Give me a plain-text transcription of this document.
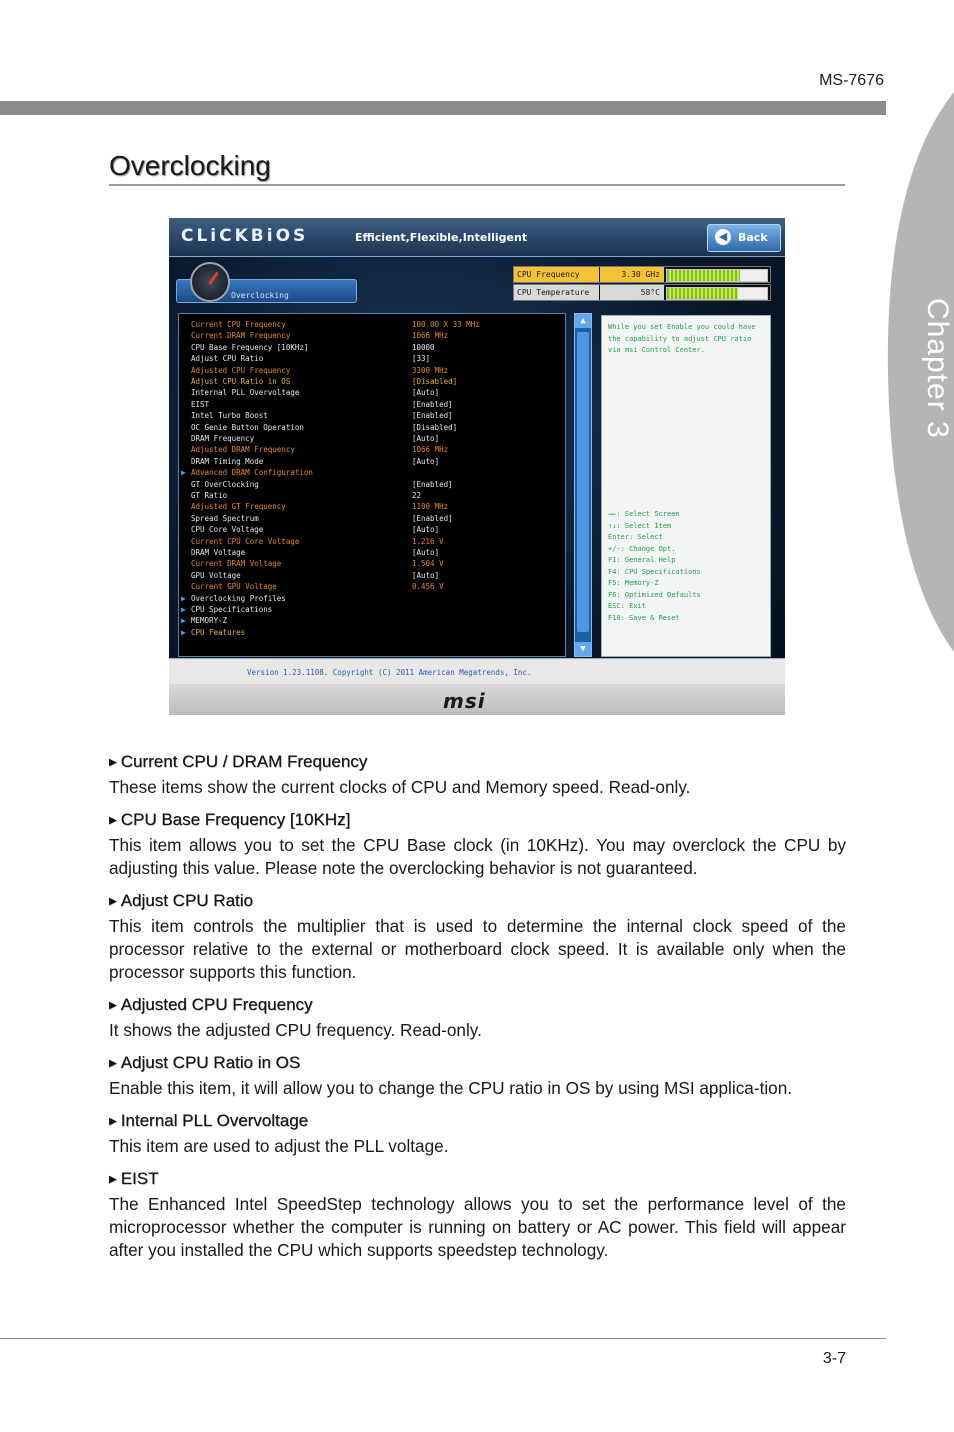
MS-7676
Chapter 3
Overclocking
CLiCKBiOS	Efficient,Flexible,Intelligent	◀ Back
Overclocking
CPU Frequency	3.30 GHz
CPU Temperature	58°C
Current CPU Frequency	100.00 X 33 MHz
Current DRAM Frequency	1066 MHz
CPU Base Frequency [10KHz]	10000
Adjust CPU Ratio	[33]
Adjusted CPU Frequency	3300 MHz
Adjust CPU Ratio in OS	[Disabled]
Internal PLL Overvoltage	[Auto]
EIST	[Enabled]
Intel Turbo Boost	[Enabled]
OC Genie Button Operation	[Disabled]
DRAM Frequency	[Auto]
Adjusted DRAM Frequency	1066 MHz
DRAM Timing Mode	[Auto]
▶ Advanced DRAM Configuration
GT OverClocking	[Enabled]
GT Ratio	22
Adjusted GT Frequency	1100 MHz
Spread Spectrum	[Enabled]
CPU Core Voltage	[Auto]
Current CPU Core Voltage	1.216 V
DRAM Voltage	[Auto]
Current DRAM Voltage	1.504 V
GPU Voltage	[Auto]
Current GPU Voltage	0.456 V
▶ Overclocking Profiles
▶ CPU Specifications
▶ MEMORY-Z
▶ CPU Features
▲
▼
While you set Enable you could have the capability to adjust CPU ratio via msi Control Center.
→←: Select Screen
↑↓: Select Item
Enter: Select
+/-: Change Opt.
F1: General Help
F4: CPU Specifications
F5: Memory-Z
F6: Optimized Defaults
ESC: Exit
F10: Save & Reset
Version 1.23.1108. Copyright (C) 2011 American Megatrends, Inc.
msi
▶ Current CPU / DRAM Frequency

These items show the current clocks of CPU and Memory speed. Read-only.

▶ CPU Base Frequency [10KHz]

This item allows you to set the CPU Base clock (in 10KHz). You may overclock the CPU by adjusting this value. Please note the overclocking behavior is not guaranteed.

▶ Adjust CPU Ratio

This item controls the multiplier that is used to determine the internal clock speed of the processor relative to the external or motherboard clock speed. It is available only when the processor supports this function.

▶ Adjusted CPU Frequency

It shows the adjusted CPU frequency. Read-only.

▶ Adjust CPU Ratio in OS

Enable this item, it will allow you to change the CPU ratio in OS by using MSI applica-tion.

▶ Internal PLL Overvoltage

This item are used to adjust the PLL voltage.

▶ EIST

The Enhanced Intel SpeedStep technology allows you to set the performance level of the microprocessor whether the computer is running on battery or AC power. This field will appear after you installed the CPU which supports speedstep technology.

3-7
